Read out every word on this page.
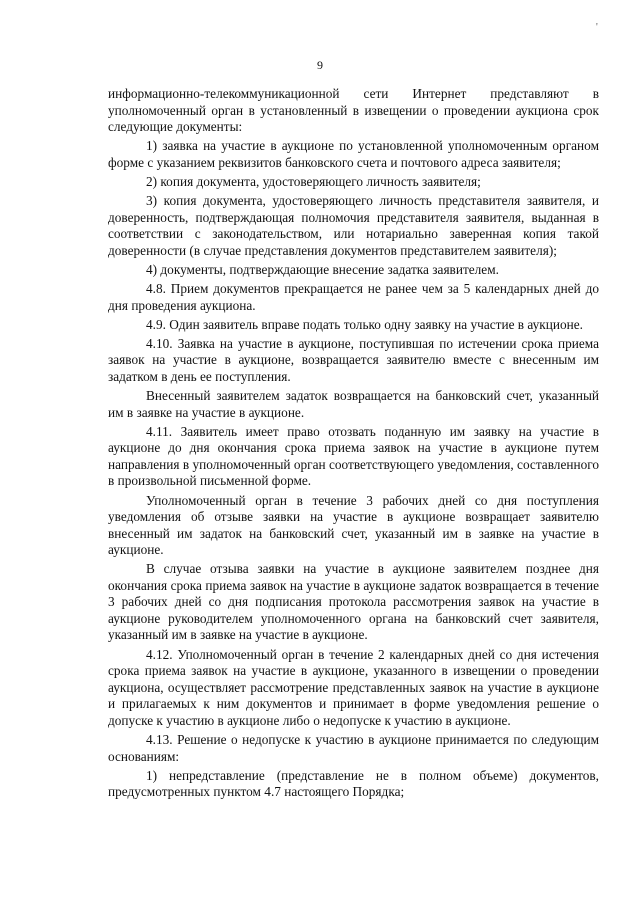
'
9

информационно-телекоммуникационной сети Интернет представляют в уполномоченный орган в установленный в извещении о проведении аукциона срок следующие документы:

1) заявка на участие в аукционе по установленной уполномоченным органом форме с указанием реквизитов банковского счета и почтового адреса заявителя;

2) копия документа, удостоверяющего личность заявителя;

3) копия документа, удостоверяющего личность представителя заявителя, и доверенность, подтверждающая полномочия представителя заявителя, выданная в соответствии с законодательством, или нотариально заверенная копия такой доверенности (в случае представления документов представителем заявителя);

4) документы, подтверждающие внесение задатка заявителем.

4.8. Прием документов прекращается не ранее чем за 5 календарных дней до дня проведения аукциона.

4.9. Один заявитель вправе подать только одну заявку на участие в аукционе.

4.10. Заявка на участие в аукционе, поступившая по истечении срока приема заявок на участие в аукционе, возвращается заявителю вместе с внесенным им задатком в день ее поступления.

Внесенный заявителем задаток возвращается на банковский счет, указанный им в заявке на участие в аукционе.

4.11. Заявитель имеет право отозвать поданную им заявку на участие в аукционе до дня окончания срока приема заявок на участие в аукционе путем направления в уполномоченный орган соответствующего уведомления, составленного в произвольной письменной форме.

Уполномоченный орган в течение 3 рабочих дней со дня поступления уведомления об отзыве заявки на участие в аукционе возвращает заявителю внесенный им задаток на банковский счет, указанный им в заявке на участие в аукционе.

В случае отзыва заявки на участие в аукционе заявителем позднее дня окончания срока приема заявок на участие в аукционе задаток возвращается в течение 3 рабочих дней со дня подписания протокола рассмотрения заявок на участие в аукционе руководителем уполномоченного органа на банковский счет заявителя, указанный им в заявке на участие в аукционе.

4.12. Уполномоченный орган в течение 2 календарных дней со дня истечения срока приема заявок на участие в аукционе, указанного в извещении о проведении аукциона, осуществляет рассмотрение представленных заявок на участие в аукционе и прилагаемых к ним документов и принимает в форме уведомления решение о допуске к участию в аукционе либо о недопуске к участию в аукционе.

4.13. Решение о недопуске к участию в аукционе принимается по следующим основаниям:

1) непредставление (представление не в полном объеме) документов, предусмотренных пунктом 4.7 настоящего Порядка;
